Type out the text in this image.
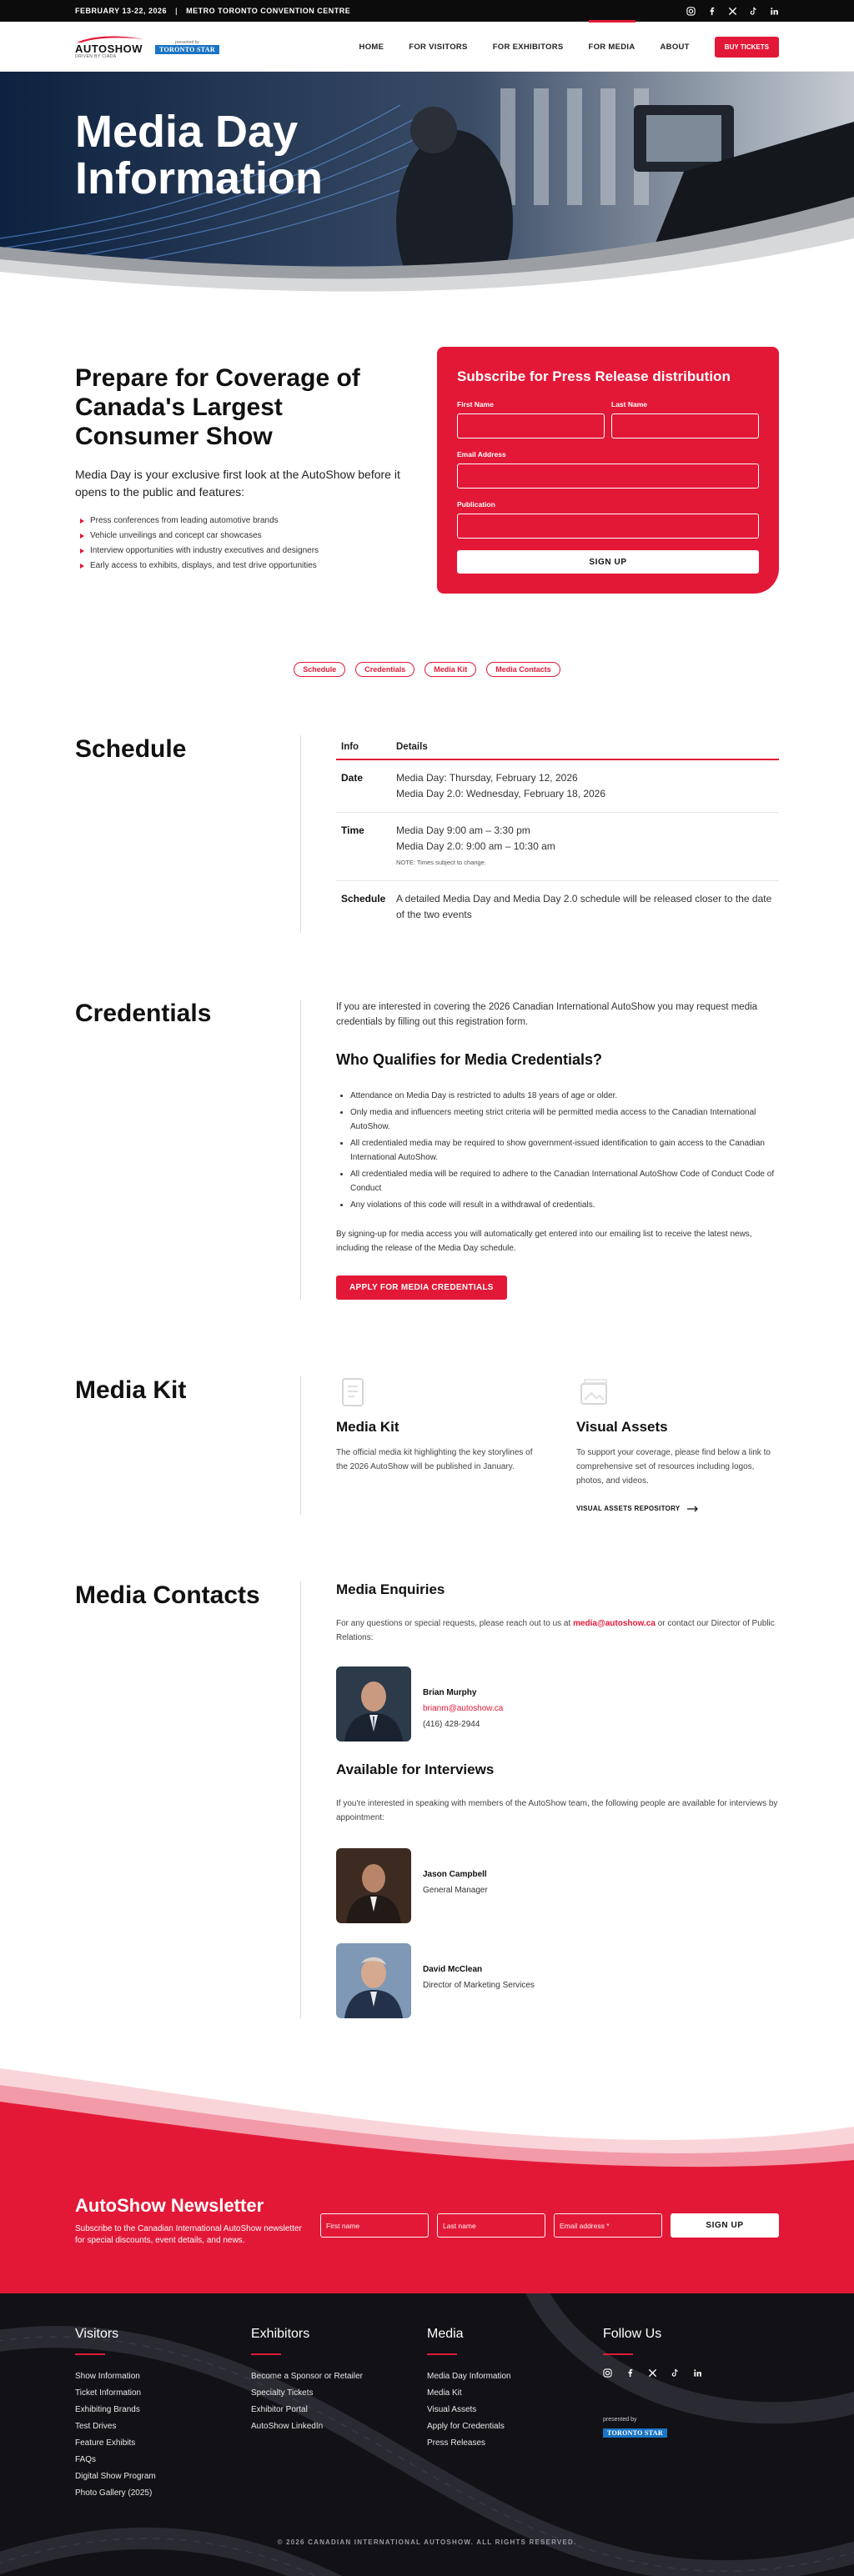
FEBRUARY 13-22, 2026 | METRO TORONTO CONVENTION CENTRE
AUTOSHOW
DRIVEN BY CIADA
presented by
TORONTO STAR	HOME	FOR VISITORS	FOR EXHIBITORS	FOR MEDIA	ABOUT	BUY TICKETS
Media Day Information
Prepare for Coverage of Canada's Largest Consumer Show

Media Day is your exclusive first look at the AutoShow before it opens to the public and features:

Press conferences from leading automotive brands
Vehicle unveilings and concept car showcases
Interview opportunities with industry executives and designers
Early access to exhibits, displays, and test drive opportunities
Subscribe for Press Release distribution
First Name	Last Name
Email Address
Publication
SIGN UP
Schedule	Credentials	Media Kit	Media Contacts
Schedule	Info	Details
Date	Media Day: Thursday, February 12, 2026
Media Day 2.0: Wednesday, February 18, 2026

Time	Media Day 9:00 am – 3:30 pm
Media Day 2.0: 9:00 am – 10:30 am
NOTE: Times subject to change.

Schedule	A detailed Media Day and Media Day 2.0 schedule will be released closer to the date of the two events
Credentials	If you are interested in covering the 2026 Canadian International AutoShow you may request media credentials by filling out this registration form.

Who Qualifies for Media Credentials?
• Attendance on Media Day is restricted to adults 18 years of age or older.
• Only media and influencers meeting strict criteria will be permitted media access to the Canadian International AutoShow.
• All credentialed media may be required to show government-issued identification to gain access to the Canadian International AutoShow.
• All credentialed media will be required to adhere to the Canadian International AutoShow Code of Conduct Code of Conduct
• Any violations of this code will result in a withdrawal of credentials.

By signing-up for media access you will automatically get entered into our emailing list to receive the latest news, including the release of the Media Day schedule.

APPLY FOR MEDIA CREDENTIALS
Media Kit
Media Kit

The official media kit highlighting the key storylines of the 2026 AutoShow will be published in January.

Visual Assets

To support your coverage, please find below a link to comprehensive set of resources including logos, photos, and videos.

VISUAL ASSETS REPOSITORY
Media Contacts	Media Enquiries

For any questions or special requests, please reach out to us at media@autoshow.ca or contact our Director of Public Relations:

Brian Murphy
brianm@autoshow.ca
(416) 428-2944
Available for Interviews

If you're interested in speaking with members of the AutoShow team, the following people are available for interviews by appointment:

Jason Campbell
General Manager
David McClean
Director of Marketing Services
AutoShow Newsletter

Subscribe to the Canadian International AutoShow newsletter for special discounts, event details, and news.

First name	Last name	Email address *	SIGN UP
Visitors
Show Information
Ticket Information
Exhibiting Brands
Test Drives
Feature Exhibits
FAQs
Digital Show Program
Photo Gallery (2025)
Exhibitors
Become a Sponsor or Retailer
Specialty Tickets
Exhibitor Portal
AutoShow LinkedIn
Media
Media Day Information
Media Kit
Visual Assets
Apply for Credentials
Press Releases
Follow Us
presented by
TORONTO STAR
© 2026 CANADIAN INTERNATIONAL AUTOSHOW. ALL RIGHTS RESERVED.
